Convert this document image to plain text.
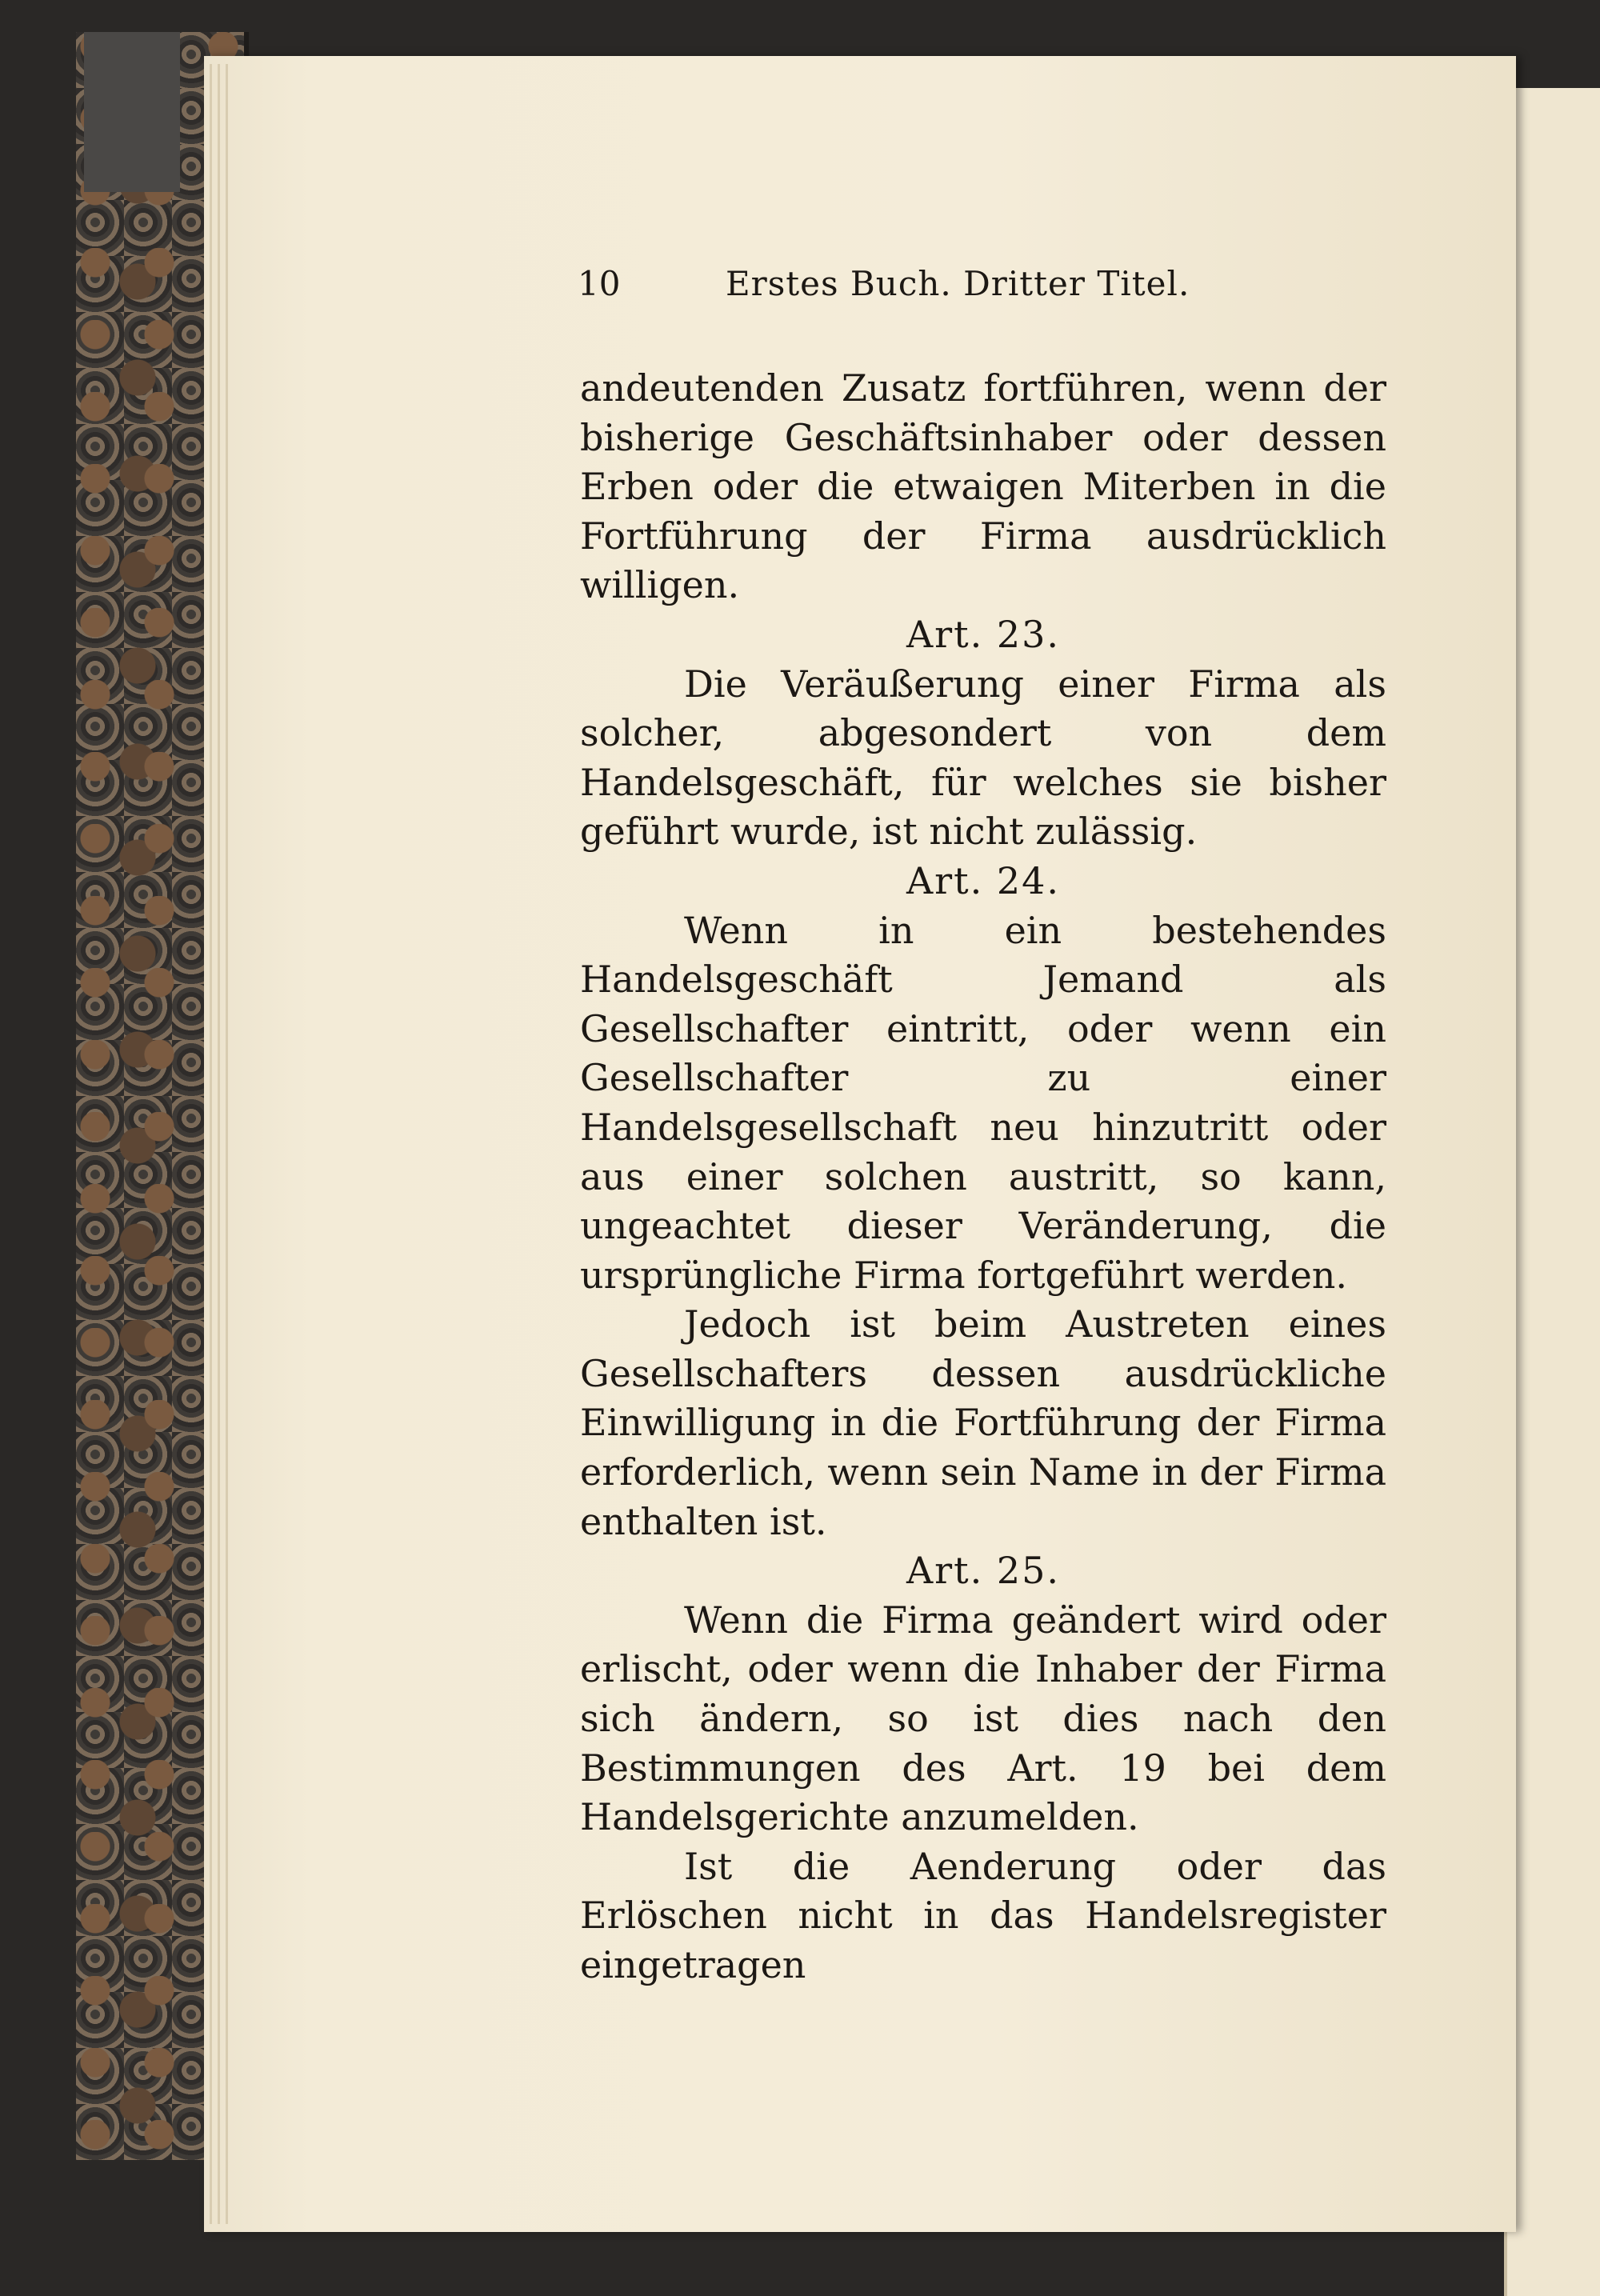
10	Erstes Buch. Dritter Titel.

andeutenden Zusatz fortführen, wenn der bisherige Geschäftsinhaber oder dessen Erben oder die etwaigen Miterben in die Fortführung der Firma ausdrücklich willigen.

Art. 23.

Die Veräußerung einer Firma als solcher, abgesondert von dem Handelsgeschäft, für welches sie bisher geführt wurde, ist nicht zulässig.

Art. 24.

Wenn in ein bestehendes Handelsgeschäft Jemand als Gesellschafter eintritt, oder wenn ein Gesellschafter zu einer Handelsgesellschaft neu hinzutritt oder aus einer solchen austritt, so kann, ungeachtet dieser Veränderung, die ursprüngliche Firma fortgeführt werden.

Jedoch ist beim Austreten eines Gesellschafters dessen ausdrückliche Einwilligung in die Fortführung der Firma erforderlich, wenn sein Name in der Firma enthalten ist.

Art. 25.

Wenn die Firma geändert wird oder erlischt, oder wenn die Inhaber der Firma sich ändern, so ist dies nach den Bestimmungen des Art. 19 bei dem Handelsgerichte anzumelden.

Ist die Aenderung oder das Erlöschen nicht in das Handelsregister eingetragen
